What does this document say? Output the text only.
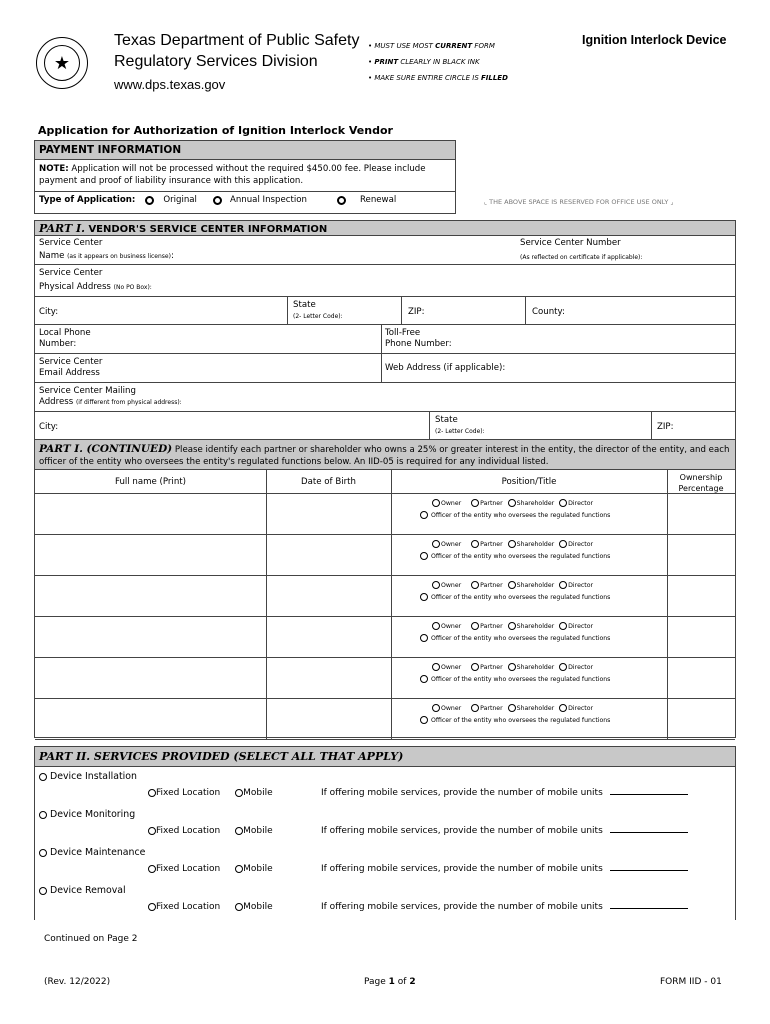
★
Texas Department of Public Safety
Regulatory Services Division
www.dps.texas.gov
• MUST USE MOST CURRENT FORM
• PRINT CLEARLY IN BLACK INK
• MAKE SURE ENTIRE CIRCLE IS FILLED
Ignition Interlock Device
Application for Authorization of Ignition Interlock Vendor
PAYMENT INFORMATION
NOTE: Application will not be processed without the required $450.00 fee. Please include payment and proof of liability insurance with this application.
Type of Application:	Original	Annual Inspection	Renewal	⌞ THE ABOVE SPACE IS RESERVED FOR OFFICE USE ONLY ⌟
PART I. VENDOR'S SERVICE CENTER INFORMATION
Service Center
Name (as it appears on business license):
Service Center Number
(As reflected on certificate if applicable):
Service Center
Physical Address (No PO Box):
City:
State
(2- Letter Code):	ZIP:	County:
Local Phone
Number:
Toll-Free
Phone Number:
Service Center
Email Address	Web Address (if applicable):
Service Center Mailing
Address (if different from physical address):
City:
State
(2- Letter Code):	ZIP:
PART I. (CONTINUED) Please identify each partner or shareholder who owns a 25% or greater interest in the entity, the director of the entity, and each officer of the entity who oversees the entity's regulated functions below. An IID-05 is required for any individual listed.
Full name (Print)	Date of Birth	Position/Title	Ownership
Percentage
Owner	Partner Shareholder Director
Officer of the entity who oversees the regulated functions
Owner	Partner Shareholder Director
Officer of the entity who oversees the regulated functions
Owner	Partner Shareholder Director
Officer of the entity who oversees the regulated functions
Owner	Partner Shareholder Director
Officer of the entity who oversees the regulated functions
Owner	Partner Shareholder Director
Officer of the entity who oversees the regulated functions
Owner	Partner Shareholder Director
Officer of the entity who oversees the regulated functions
PART II. SERVICES PROVIDED (SELECT ALL THAT APPLY)
Device Installation
Fixed Location	Mobile	If offering mobile services, provide the number of mobile units
Device Monitoring
Fixed Location	Mobile	If offering mobile services, provide the number of mobile units
Device Maintenance
Fixed Location	Mobile	If offering mobile services, provide the number of mobile units
Device Removal
Fixed Location	Mobile	If offering mobile services, provide the number of mobile units
Continued on Page 2
(Rev. 12/2022)	Page 1 of 2	FORM IID - 01
